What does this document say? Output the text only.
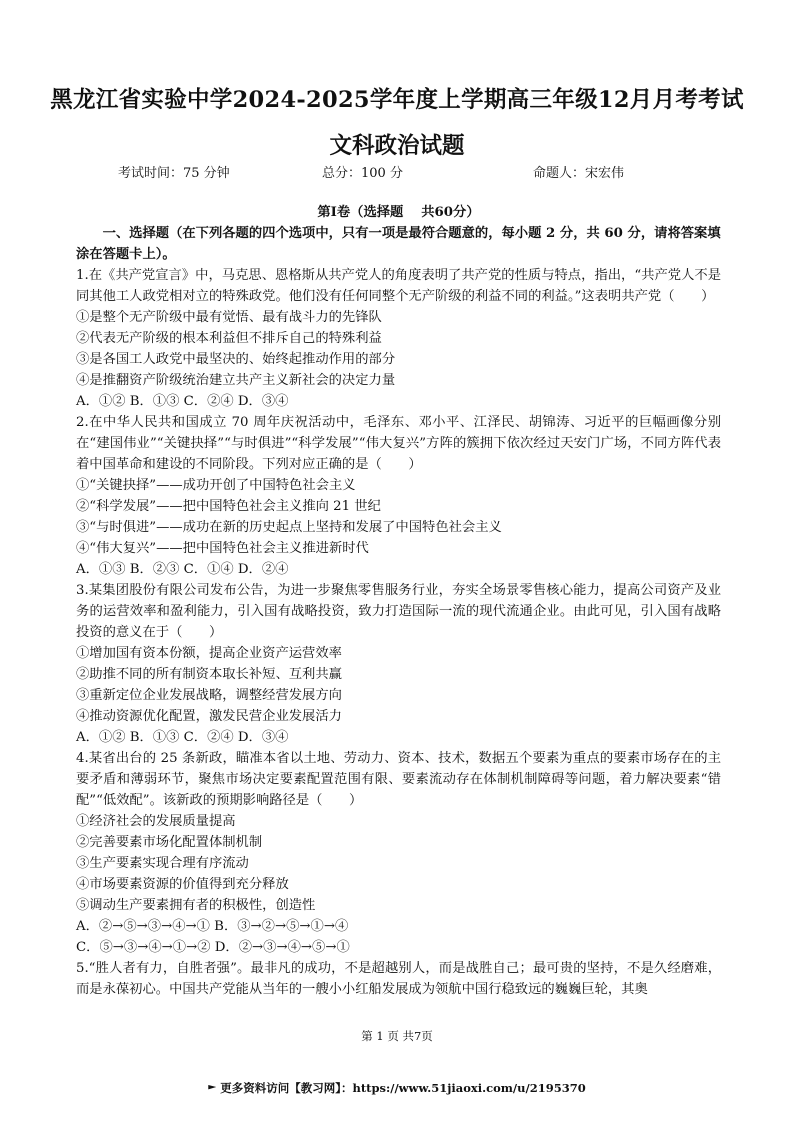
黑龙江省实验中学2024-2025学年度上学期高三年级12月月考考试
文科政治试题
考试时间：75 分钟	总分：100 分	命题人：宋宏伟
第Ⅰ卷（选择题　 共60分）
一、选择题（在下列各题的四个选项中，只有一项是最符合题意的，每小题 2 分，共 60 分，请将答案填涂在答题卡上）。

1.在《共产党宣言》中，马克思、恩格斯从共产党人的角度表明了共产党的性质与特点，指出，“共产党人不是同其他工人政党相对立的特殊政党。他们没有任何同整个无产阶级的利益不同的利益。”这表明共产党（　　）

①是整个无产阶级中最有觉悟、最有战斗力的先锋队

②代表无产阶级的根本利益但不排斥自己的特殊利益

③是各国工人政党中最坚决的、始终起推动作用的部分

④是推翻资产阶级统治建立共产主义新社会的决定力量

A．①② B．①③ C．②④ D．③④

2.在中华人民共和国成立 70 周年庆祝活动中，毛泽东、邓小平、江泽民、胡锦涛、习近平的巨幅画像分别在“建国伟业”“关键抉择”“与时俱进”“科学发展”“伟大复兴”方阵的簇拥下依次经过天安门广场，不同方阵代表着中国革命和建设的不同阶段。下列对应正确的是（　　）

①“关键抉择”——成功开创了中国特色社会主义

②“科学发展”——把中国特色社会主义推向 21 世纪

③“与时俱进”——成功在新的历史起点上坚持和发展了中国特色社会主义

④“伟大复兴”——把中国特色社会主义推进新时代

A．①③ B．②③ C．①④ D．②④

3.某集团股份有限公司发布公告，为进一步聚焦零售服务行业，夯实全场景零售核心能力，提高公司资产及业务的运营效率和盈利能力，引入国有战略投资，致力打造国际一流的现代流通企业。由此可见，引入国有战略投资的意义在于（　　）

①增加国有资本份额，提高企业资产运营效率

②助推不同的所有制资本取长补短、互利共赢

③重新定位企业发展战略，调整经营发展方向

④推动资源优化配置，激发民营企业发展活力

A．①② B．①③ C．②④ D．③④

4.某省出台的 25 条新政，瞄准本省以土地、劳动力、资本、技术，数据五个要素为重点的要素市场存在的主要矛盾和薄弱环节，聚焦市场决定要素配置范围有限、要素流动存在体制机制障碍等问题，着力解决要素“错配”“低效配”。该新政的预期影响路径是（　　）

①经济社会的发展质量提高

②完善要素市场化配置体制机制

③生产要素实现合理有序流动

④市场要素资源的价值得到充分释放

⑤调动生产要素拥有者的积极性，创造性

A．②→⑤→③→④→① B．③→②→⑤→①→④

C．⑤→③→④→①→② D．②→③→④→⑤→①

5.“胜人者有力，自胜者强”。最非凡的成功，不是超越别人，而是战胜自己；最可贵的坚持，不是久经磨难，而是永葆初心。中国共产党能从当年的一艘小小红船发展成为领航中国行稳致远的巍巍巨轮，其奥

第 1 页 共7页
更多资料访问【教习网】：https://www.51jiaoxi.com/u/2195370
